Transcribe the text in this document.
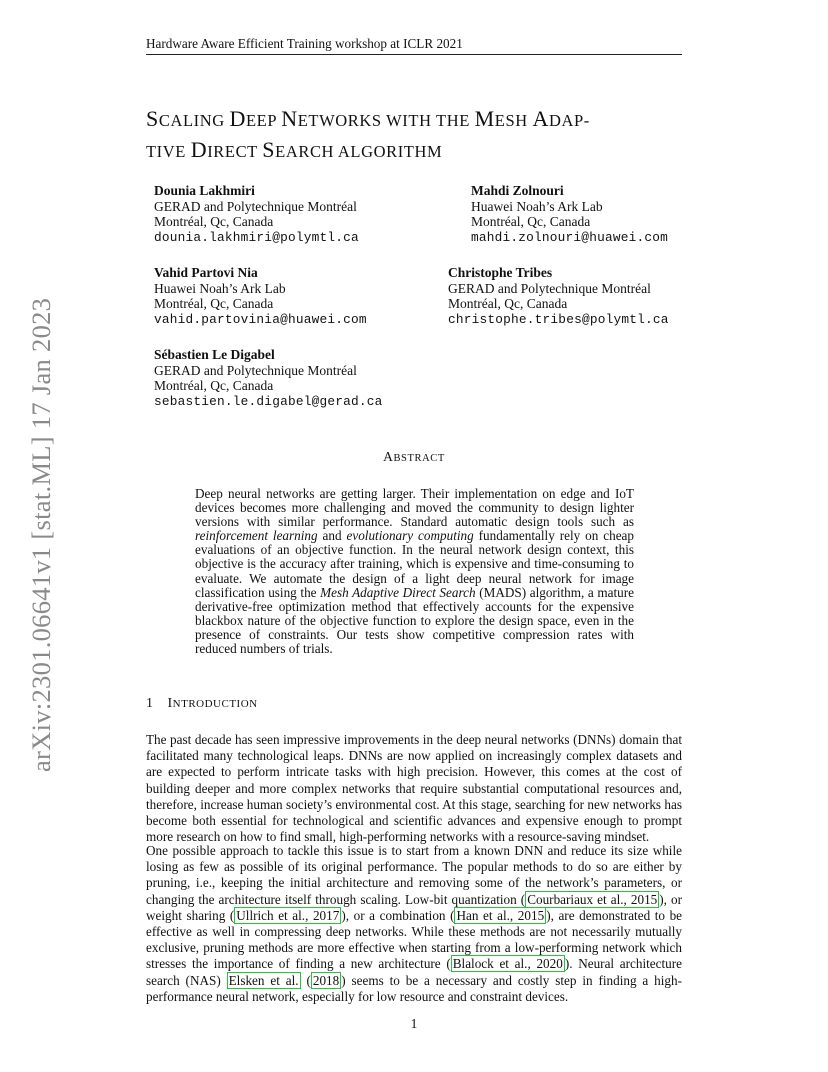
Hardware Aware Efficient Training workshop at ICLR 2021
SCALING DEEP NETWORKS WITH THE MESH ADAP-
TIVE DIRECT SEARCH ALGORITHM
Dounia Lakhmiri
GERAD and Polytechnique Montréal
Montréal, Qc, Canada
dounia.lakhmiri@polymtl.ca
Mahdi Zolnouri
Huawei Noah’s Ark Lab
Montréal, Qc, Canada
mahdi.zolnouri@huawei.com
Vahid Partovi Nia
Huawei Noah’s Ark Lab
Montréal, Qc, Canada
vahid.partovinia@huawei.com
Christophe Tribes
GERAD and Polytechnique Montréal
Montréal, Qc, Canada
christophe.tribes@polymtl.ca
Sébastien Le Digabel
GERAD and Polytechnique Montréal
Montréal, Qc, Canada
sebastien.le.digabel@gerad.ca
arXiv:2301.06641v1 [stat.ML] 17 Jan 2023	ABSTRACT
Deep neural networks are getting larger. Their implementation on edge and IoT devices becomes more challenging and moved the community to design lighter versions with similar performance. Standard automatic design tools such as reinforcement learning and evolutionary computing fundamentally rely on cheap evaluations of an objective function. In the neural network design context, this objective is the accuracy after training, which is expensive and time-consuming to evaluate. We automate the design of a light deep neural network for image classification using the Mesh Adaptive Direct Search (MADS) algorithm, a mature derivative-free optimization method that effectively accounts for the expensive blackbox nature of the objective function to explore the design space, even in the presence of constraints. Our tests show competitive compression rates with reduced numbers of trials.
1 INTRODUCTION
The past decade has seen impressive improvements in the deep neural networks (DNNs) domain that facilitated many technological leaps. DNNs are now applied on increasingly complex datasets and are expected to perform intricate tasks with high precision. However, this comes at the cost of building deeper and more complex networks that require substantial computational resources and, therefore, increase human society’s environmental cost. At this stage, searching for new networks has become both essential for technological and scientific advances and expensive enough to prompt more research on how to find small, high-performing networks with a resource-saving mindset.
One possible approach to tackle this issue is to start from a known DNN and reduce its size while losing as few as possible of its original performance. The popular methods to do so are either by pruning, i.e., keeping the initial architecture and removing some of the network’s parameters, or changing the architecture itself through scaling. Low-bit quantization ( Courbariaux et al., 2015 ), or weight sharing ( Ullrich et al., 2017 ), or a combination ( Han et al., 2015 ), are demonstrated to be effective as well in compressing deep networks. While these methods are not necessarily mutually exclusive, pruning methods are more effective when starting from a low-performing network which stresses the importance of finding a new architecture ( Blalock et al., 2020 ). Neural architecture search (NAS) Elsken et al. ( 2018 ) seems to be a necessary and costly step in finding a high-performance neural network, especially for low resource and constraint devices.
1
